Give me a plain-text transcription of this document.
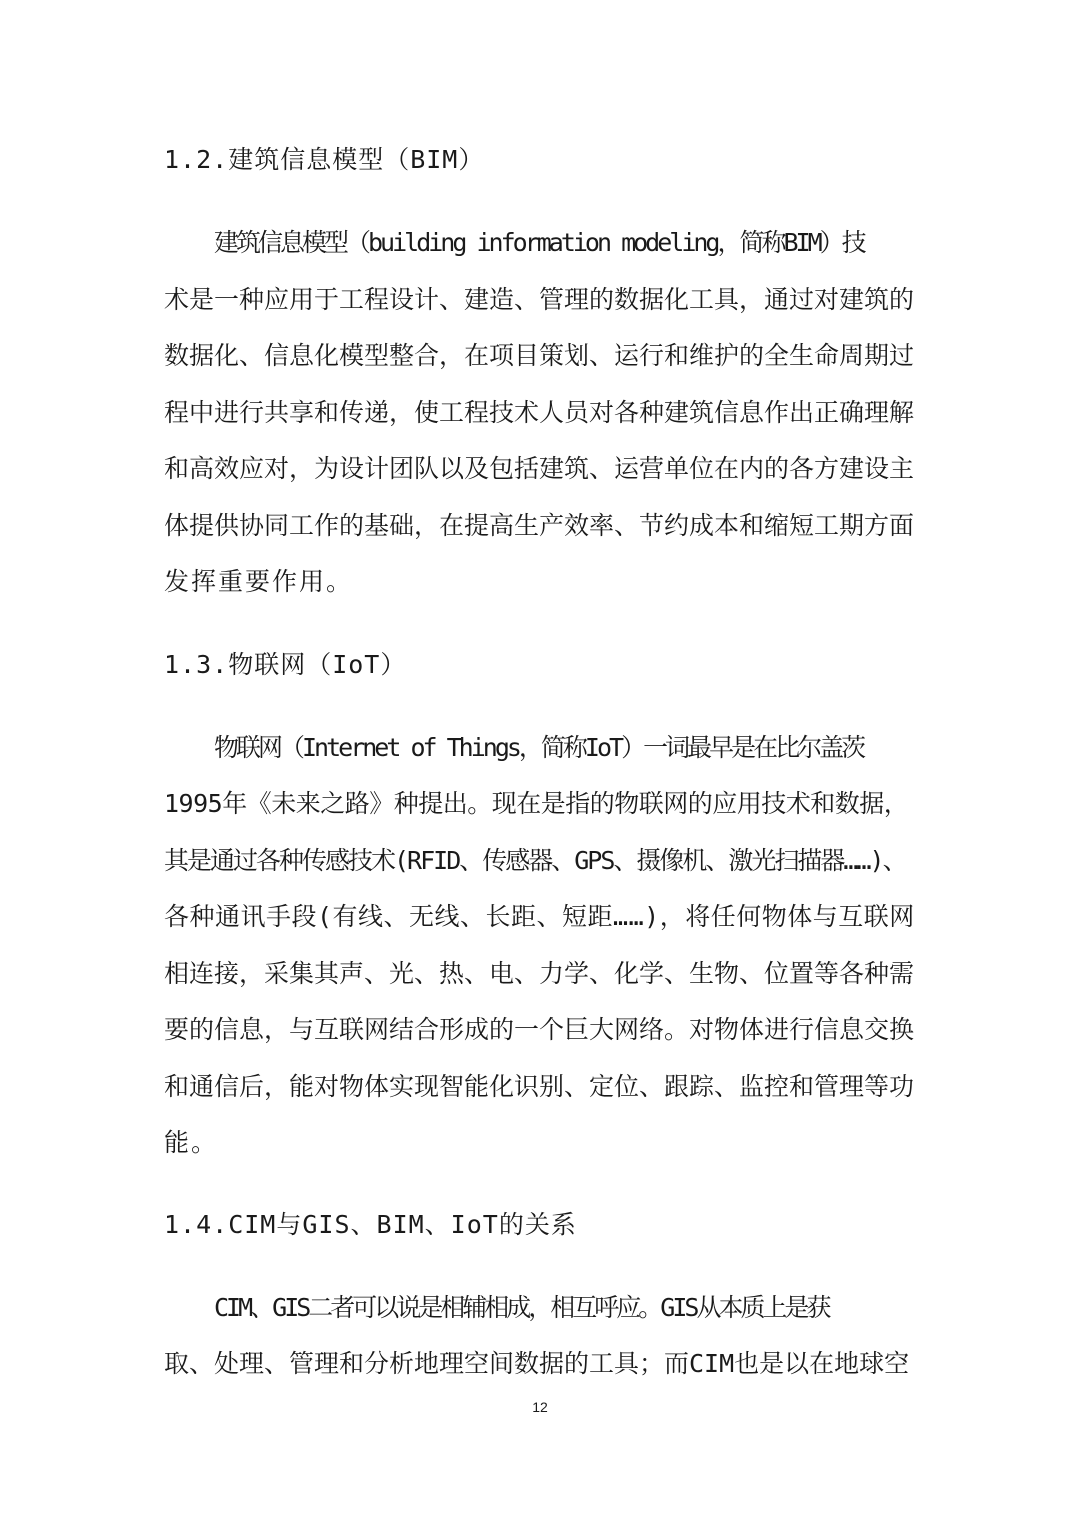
1.2.建筑信息模型（BIM）
建筑信息模型（building information modeling，简称BIM）技
术是一种应用于工程设计、建造、管理的数据化工具，通过对建筑的
数据化、信息化模型整合，在项目策划、运行和维护的全生命周期过
程中进行共享和传递，使工程技术人员对各种建筑信息作出正确理解
和高效应对，为设计团队以及包括建筑、运营单位在内的各方建设主
体提供协同工作的基础，在提高生产效率、节约成本和缩短工期方面
发挥重要作用。
1.3.物联网（IoT）
物联网（Internet of Things，简称IoT）一词最早是在比尔盖茨
1995年《未来之路》种提出。现在是指的物联网的应用技术和数据，
其是通过各种传感技术(RFID、传感器、GPS、摄像机、激光扫描器……)、
各种通讯手段(有线、无线、长距、短距……)，将任何物体与互联网
相连接，采集其声、光、热、电、力学、化学、生物、位置等各种需
要的信息，与互联网结合形成的一个巨大网络。对物体进行信息交换
和通信后，能对物体实现智能化识别、定位、跟踪、监控和管理等功
能。
1.4.CIM与GIS、BIM、IoT的关系
CIM、GIS二者可以说是相辅相成，相互呼应。GIS从本质上是获
取、处理、管理和分析地理空间数据的工具；而CIM也是以在地球空
12
